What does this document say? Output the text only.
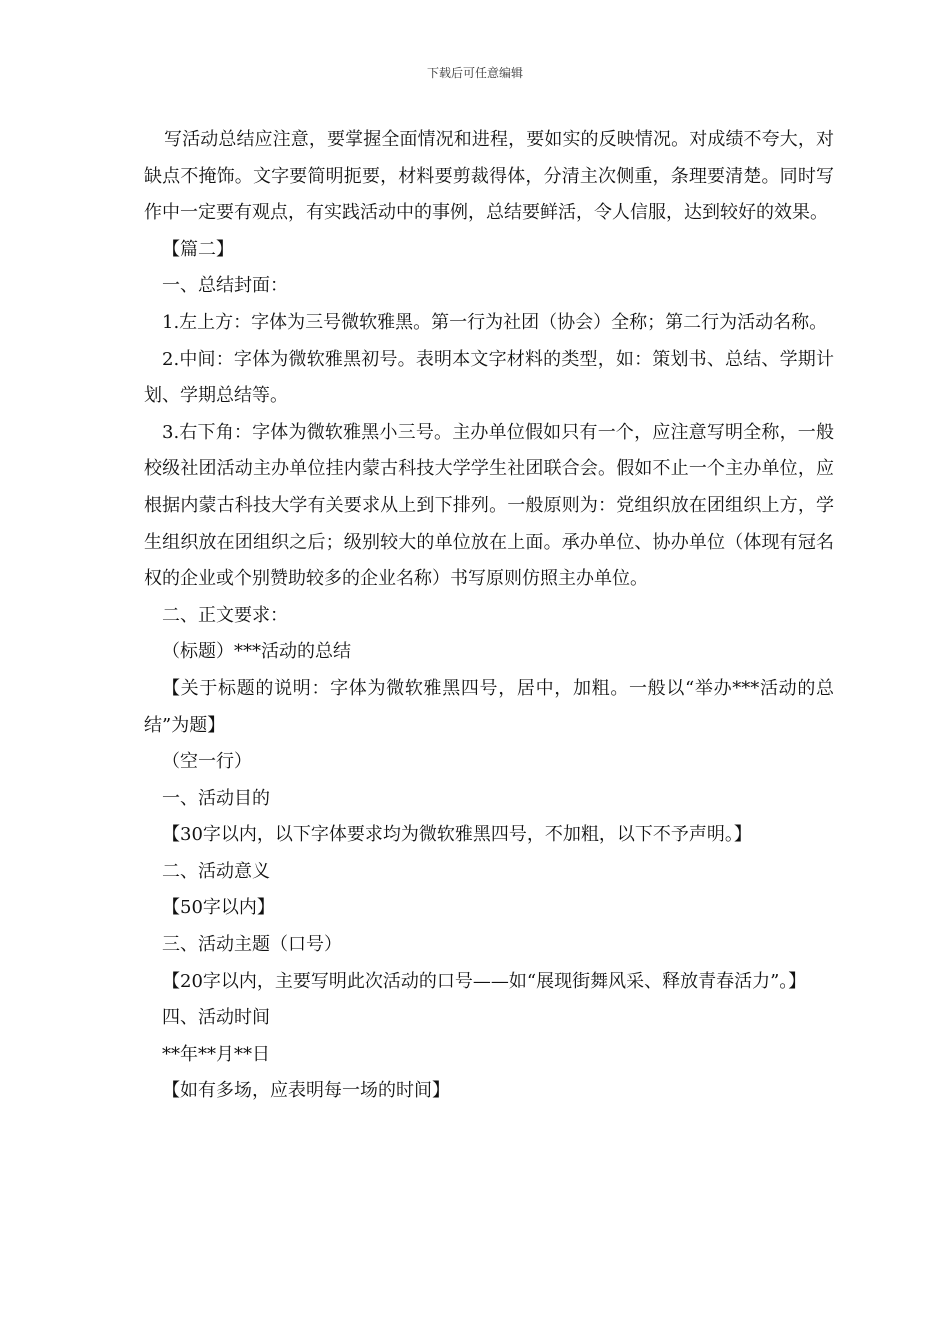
下载后可任意编辑

写活动总结应注意，要掌握全面情况和进程，要如实的反映情况。对成绩不夸大，对缺点不掩饰。文字要简明扼要，材料要剪裁得体，分清主次侧重，条理要清楚。同时写作中一定要有观点，有实践活动中的事例，总结要鲜活，令人信服，达到较好的效果。

【篇二】

一、总结封面：

1.左上方：字体为三号微软雅黑。第一行为社团（协会）全称；第二行为活动名称。

2.中间：字体为微软雅黑初号。表明本文字材料的类型，如：策划书、总结、学期计划、学期总结等。

3.右下角：字体为微软雅黑小三号。主办单位假如只有一个，应注意写明全称，一般校级社团活动主办单位挂内蒙古科技大学学生社团联合会。假如不止一个主办单位，应根据内蒙古科技大学有关要求从上到下排列。一般原则为：党组织放在团组织上方，学生组织放在团组织之后；级别较大的单位放在上面。承办单位、协办单位（体现有冠名权的企业或个别赞助较多的企业名称）书写原则仿照主办单位。

二、正文要求：

（标题）***活动的总结

【关于标题的说明：字体为微软雅黑四号，居中，加粗。一般以“举办***活动的总结”为题】

（空一行）

一、活动目的

【30字以内，以下字体要求均为微软雅黑四号，不加粗，以下不予声明。】

二、活动意义

【50字以内】

三、活动主题（口号）

【20字以内，主要写明此次活动的口号——如“展现街舞风采、释放青春活力”。】

四、活动时间

**年**月**日

【如有多场，应表明每一场的时间】
